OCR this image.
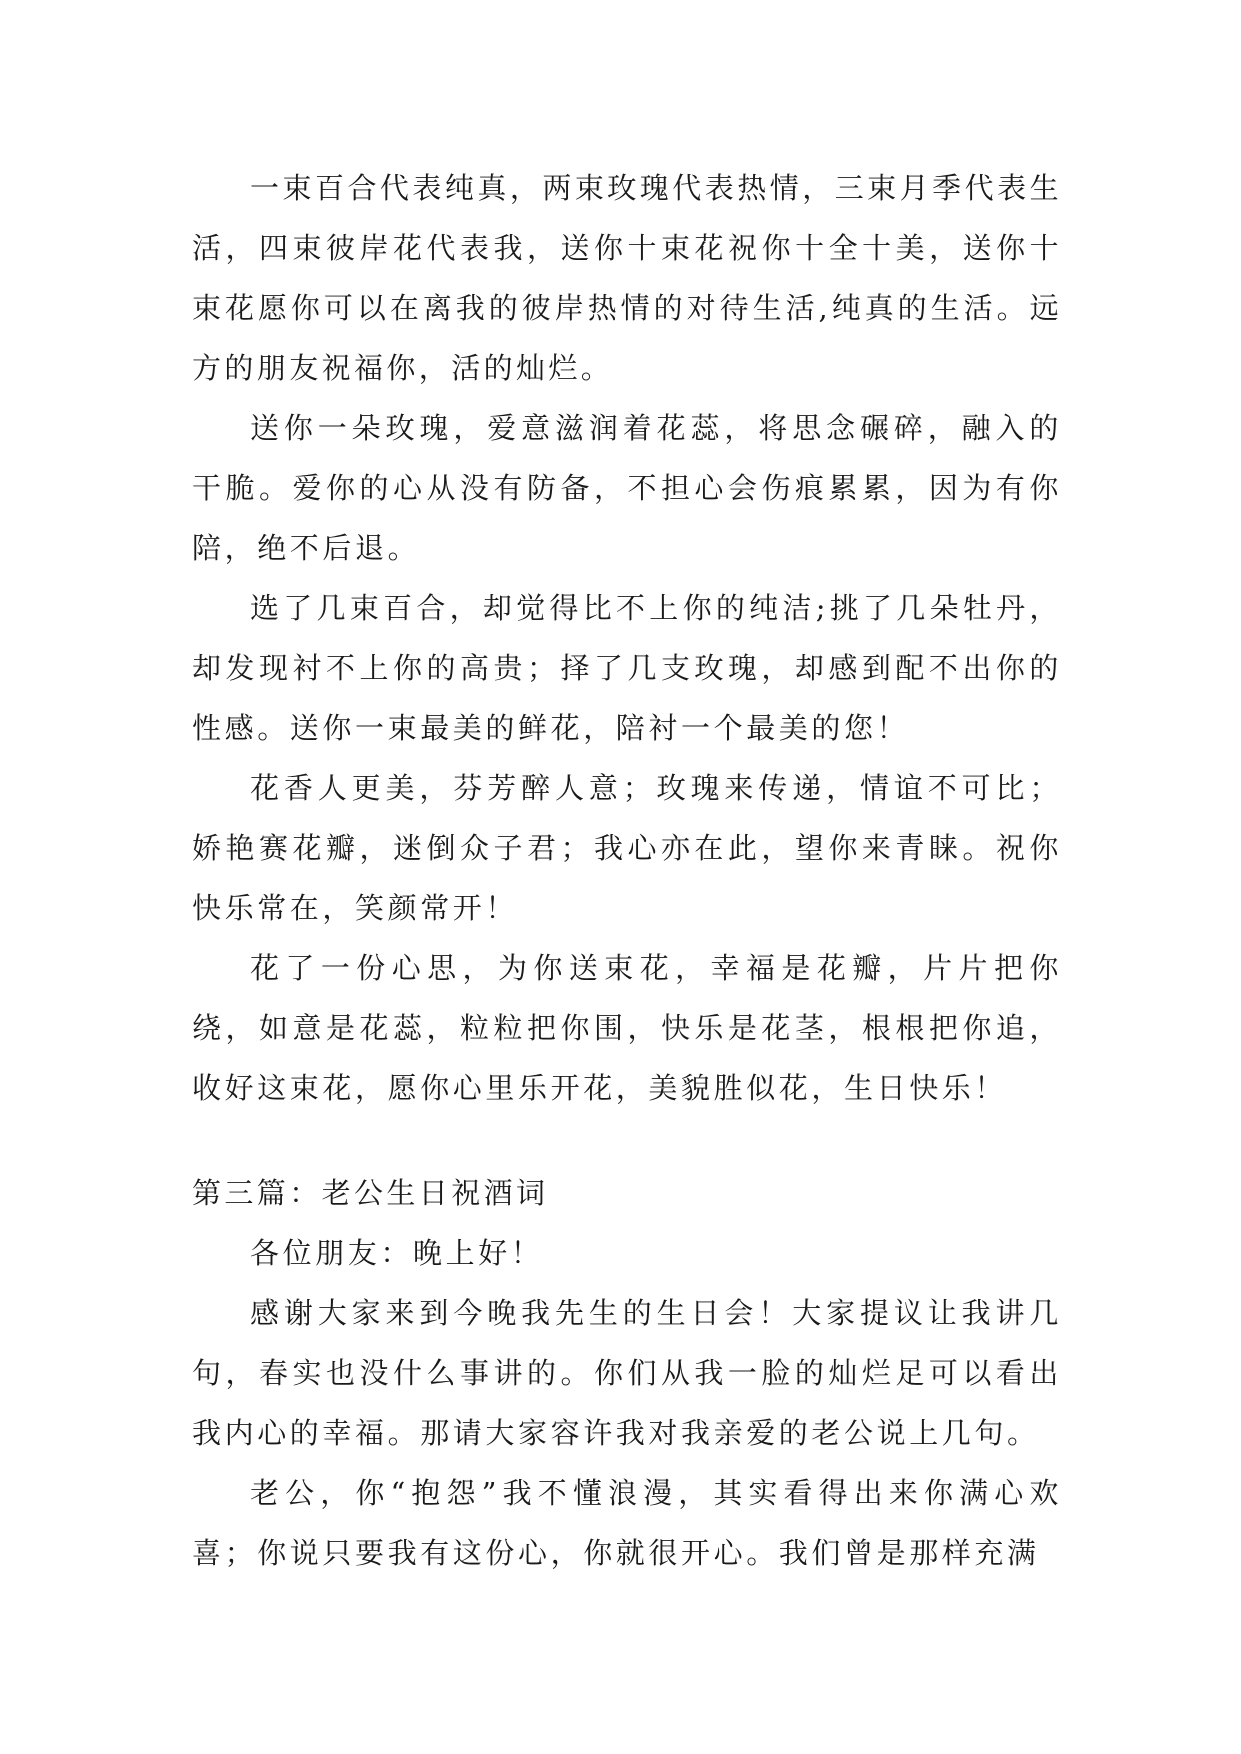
一束百合代表纯真，两束玫瑰代表热情，三束月季代表生活，四束彼岸花代表我，送你十束花祝你十全十美，送你十束花愿你可以在离我的彼岸热情的对待生活,纯真的生活。远方的朋友祝福你，活的灿烂。

送你一朵玫瑰，爱意滋润着花蕊，将思念碾碎，融入的干脆。爱你的心从没有防备，不担心会伤痕累累，因为有你陪，绝不后退。

选了几束百合，却觉得比不上你的纯洁;挑了几朵牡丹，却发现衬不上你的高贵；择了几支玫瑰，却感到配不出你的性感。送你一束最美的鲜花，陪衬一个最美的您！

花香人更美，芬芳醉人意；玫瑰来传递，情谊不可比；娇艳赛花瓣，迷倒众子君；我心亦在此，望你来青睐。祝你快乐常在，笑颜常开！

花了一份心思，为你送束花，幸福是花瓣，片片把你绕，如意是花蕊，粒粒把你围，快乐是花茎，根根把你追，收好这束花，愿你心里乐开花，美貌胜似花，生日快乐！

第三篇：老公生日祝酒词

各位朋友：晚上好！

感谢大家来到今晚我先生的生日会！大家提议让我讲几句，春实也没什么事讲的。你们从我一脸的灿烂足可以看出我内心的幸福。那请大家容许我对我亲爱的老公说上几句。

老公，你“抱怨”我不懂浪漫，其实看得出来你满心欢喜；你说只要我有这份心，你就很开心。我们曾是那样充满
